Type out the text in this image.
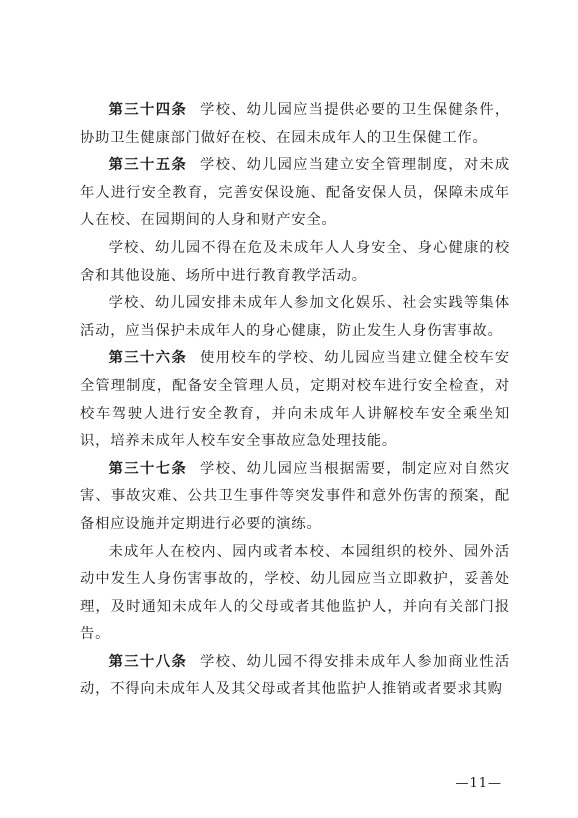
第三十四条 学校、幼儿园应当提供必要的卫生保健条件，协助卫生健康部门做好在校、在园未成年人的卫生保健工作。

第三十五条 学校、幼儿园应当建立安全管理制度，对未成年人进行安全教育，完善安保设施、配备安保人员，保障未成年人在校、在园期间的人身和财产安全。

学校、幼儿园不得在危及未成年人人身安全、身心健康的校舍和其他设施、场所中进行教育教学活动。

学校、幼儿园安排未成年人参加文化娱乐、社会实践等集体活动，应当保护未成年人的身心健康，防止发生人身伤害事故。

第三十六条 使用校车的学校、幼儿园应当建立健全校车安全管理制度，配备安全管理人员，定期对校车进行安全检查，对校车驾驶人进行安全教育，并向未成年人讲解校车安全乘坐知识，培养未成年人校车安全事故应急处理技能。

第三十七条 学校、幼儿园应当根据需要，制定应对自然灾害、事故灾难、公共卫生事件等突发事件和意外伤害的预案，配备相应设施并定期进行必要的演练。

未成年人在校内、园内或者本校、本园组织的校外、园外活动中发生人身伤害事故的，学校、幼儿园应当立即救护，妥善处理，及时通知未成年人的父母或者其他监护人，并向有关部门报告。

第三十八条 学校、幼儿园不得安排未成年人参加商业性活动，不得向未成年人及其父母或者其他监护人推销或者要求其购

—11—
